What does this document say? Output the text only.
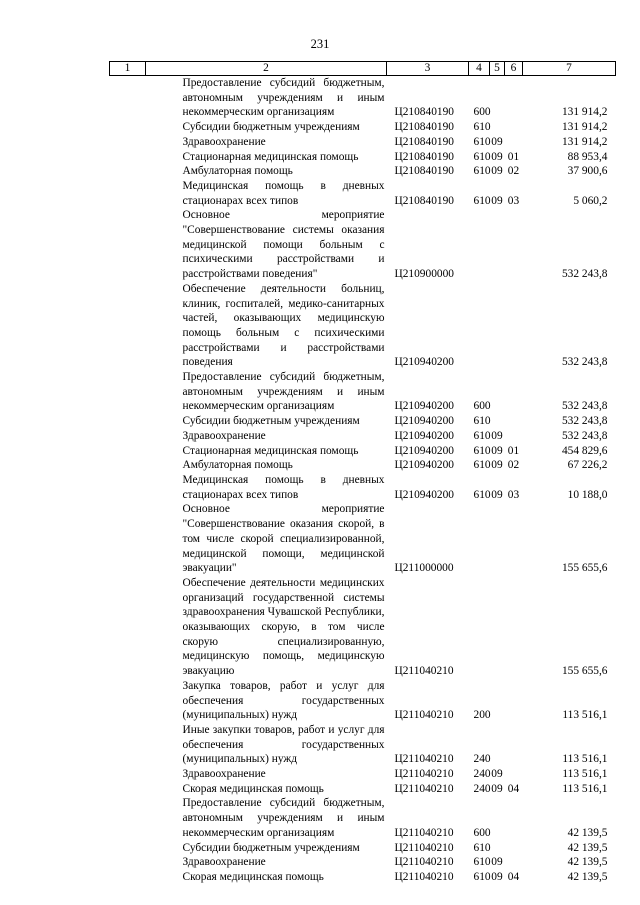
231
1	2	3	4	5	6	7

	Предоставление субсидий бюджетным, автономным учреждениям и иным некоммерческим организациям	Ц210840190	600			131 914,2

	Субсидии бюджетным учреждениям	Ц210840190	610			131 914,2

	Здравоохранение	Ц210840190	610	09		131 914,2

	Стационарная медицинская помощь	Ц210840190	610	09	01	88 953,4

	Амбулаторная помощь	Ц210840190	610	09	02	37 900,6

	Медицинская помощь в дневных стационарах всех типов	Ц210840190	610	09	03	5 060,2

	Основное мероприятие "Совершенствование системы оказания медицинской помощи больным с психическими расстройствами и расстройствами поведения"	Ц210900000				532 243,8

	Обеспечение деятельности больниц, клиник, госпиталей, медико-санитарных частей, оказывающих медицинскую помощь больным с психическими расстройствами и расстройствами поведения	Ц210940200				532 243,8

	Предоставление субсидий бюджетным, автономным учреждениям и иным некоммерческим организациям	Ц210940200	600			532 243,8

	Субсидии бюджетным учреждениям	Ц210940200	610			532 243,8

	Здравоохранение	Ц210940200	610	09		532 243,8

	Стационарная медицинская помощь	Ц210940200	610	09	01	454 829,6

	Амбулаторная помощь	Ц210940200	610	09	02	67 226,2

	Медицинская помощь в дневных стационарах всех типов	Ц210940200	610	09	03	10 188,0

	Основное мероприятие "Совершенствование оказания скорой, в том числе скорой специализированной, медицинской помощи, медицинской эвакуации"	Ц211000000				155 655,6

	Обеспечение деятельности медицинских организаций государственной системы здравоохранения Чувашской Республики, оказывающих скорую, в том числе скорую специализированную, медицинскую помощь, медицинскую эвакуацию	Ц211040210				155 655,6

	Закупка товаров, работ и услуг для обеспечения государственных (муниципальных) нужд	Ц211040210	200			113 516,1

	Иные закупки товаров, работ и услуг для обеспечения государственных (муниципальных) нужд	Ц211040210	240			113 516,1

	Здравоохранение	Ц211040210	240	09		113 516,1

	Скорая медицинская помощь	Ц211040210	240	09	04	113 516,1

	Предоставление субсидий бюджетным, автономным учреждениям и иным некоммерческим организациям	Ц211040210	600			42 139,5

	Субсидии бюджетным учреждениям	Ц211040210	610			42 139,5

	Здравоохранение	Ц211040210	610	09		42 139,5

	Скорая медицинская помощь	Ц211040210	610	09	04	42 139,5
